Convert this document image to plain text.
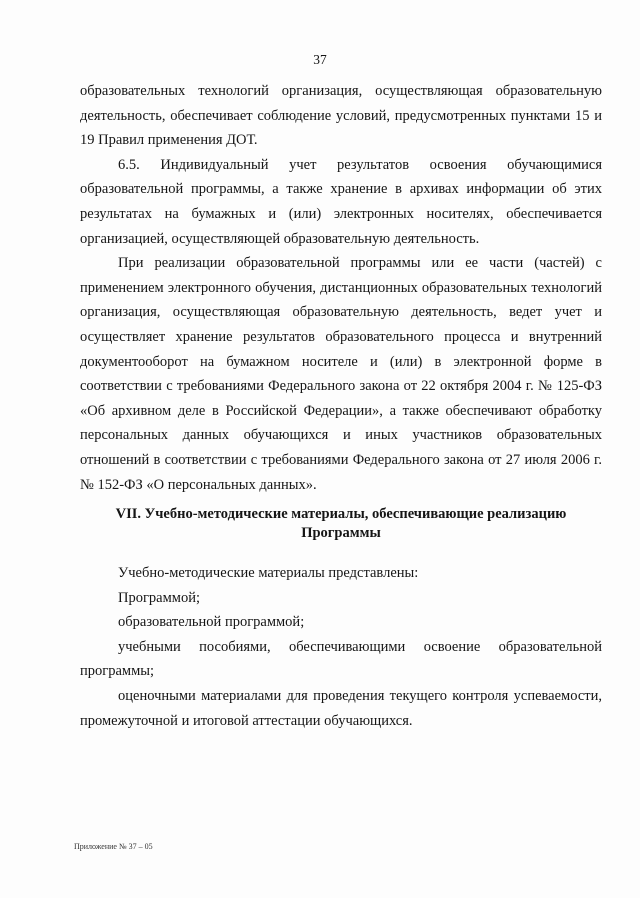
37

образовательных технологий организация, осуществляющая образовательную деятельность, обеспечивает соблюдение условий, предусмотренных пунктами 15 и 19 Правил применения ДОТ.

6.5. Индивидуальный учет результатов освоения обучающимися образовательной программы, а также хранение в архивах информации об этих результатах на бумажных и (или) электронных носителях, обеспечивается организацией, осуществляющей образовательную деятельность.

При реализации образовательной программы или ее части (частей) с применением электронного обучения, дистанционных образовательных технологий организация, осуществляющая образовательную деятельность, ведет учет и осуществляет хранение результатов образовательного процесса и внутренний документооборот на бумажном носителе и (или) в электронной форме в соответствии с требованиями Федерального закона от 22 октября 2004 г. № 125-ФЗ «Об архивном деле в Российской Федерации», а также обеспечивают обработку персональных данных обучающихся и иных участников образовательных отношений в соответствии с требованиями Федерального закона от 27 июля 2006 г. № 152-ФЗ «О персональных данных».

VII. Учебно-методические материалы, обеспечивающие реализацию Программы

Учебно-методические материалы представлены:

Программой;

образовательной программой;

учебными пособиями, обеспечивающими освоение образовательной программы;

оценочными материалами для проведения текущего контроля успеваемости, промежуточной и итоговой аттестации обучающихся.

Приложение № 37 – 05
